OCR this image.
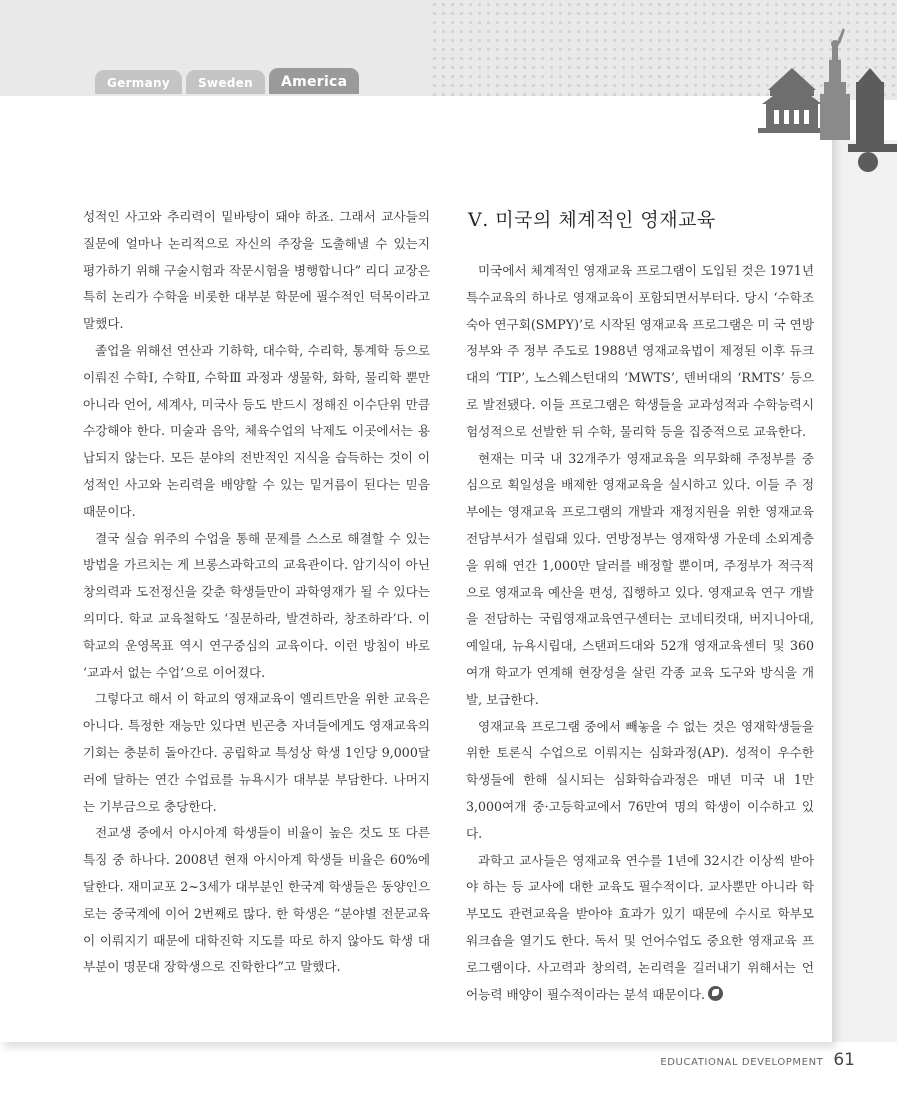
Germany	Sweden	America
Ⅴ. 미국의 체계적인 영재교육

성적인 사고와 추리력이 밑바탕이 돼야 하죠. 그래서 교사들의 질문에 얼마나 논리적으로 자신의 주장을 도출해낼 수 있는지 평가하기 위해 구술시험과 작문시험을 병행합니다” 리디 교장은 특히 논리가 수학을 비롯한 대부분 학문에 필수적인 덕목이라고 말했다.

졸업을 위해선 연산과 기하학, 대수학, 수리학, 통계학 등으로 이뤄진 수학Ⅰ, 수학Ⅱ, 수학Ⅲ 과정과 생물학, 화학, 물리학 뿐만 아니라 언어, 세계사, 미국사 등도 반드시 정해진 이수단위 만큼 수강해야 한다. 미술과 음악, 체육수업의 낙제도 이곳에서는 용납되지 않는다. 모든 분야의 전반적인 지식을 습득하는 것이 이성적인 사고와 논리력을 배양할 수 있는 밑거름이 된다는 믿음 때문이다.

결국 실습 위주의 수업을 통해 문제를 스스로 해결할 수 있는 방법을 가르치는 게 브롱스과학고의 교육관이다. 암기식이 아닌 창의력과 도전정신을 갖춘 학생들만이 과학영재가 될 수 있다는 의미다. 학교 교육철학도 ‘질문하라, 발견하라, 창조하라’다. 이 학교의 운영목표 역시 연구중심의 교육이다. 이런 방침이 바로 ‘교과서 없는 수업’으로 이어졌다.

그렇다고 해서 이 학교의 영재교육이 엘리트만을 위한 교육은 아니다. 특정한 재능만 있다면 빈곤층 자녀들에게도 영재교육의 기회는 충분히 돌아간다. 공립학교 특성상 학생 1인당 9,000달러에 달하는 연간 수업료를 뉴욕시가 대부분 부담한다. 나머지는 기부금으로 충당한다.

전교생 중에서 아시아계 학생들이 비율이 높은 것도 또 다른 특징 중 하나다. 2008년 현재 아시아계 학생들 비율은 60%에 달한다. 재미교포 2~3세가 대부분인 한국계 학생들은 동양인으로는 중국계에 이어 2번째로 많다. 한 학생은 “분야별 전문교육이 이뤄지기 때문에 대학진학 지도를 따로 하지 않아도 학생 대부분이 명문대 장학생으로 진학한다”고 말했다.

미국에서 체계적인 영재교육 프로그램이 도입된 것은 1971년 특수교육의 하나로 영재교육이 포함되면서부터다. 당시 ‘수학조숙아 연구회(SMPY)’로 시작된 영재교육 프로그램은 미 국 연방정부와 주 정부 주도로 1988년 영재교육법이 제정된 이후 듀크대의 ‘TIP’, 노스웨스턴대의 ‘MWTS’, 덴버대의 ‘RMTS’ 등으로 발전됐다. 이들 프로그램은 학생들을 교과성적과 수학능력시험성적으로 선발한 뒤 수학, 물리학 등을 집중적으로 교육한다.

현재는 미국 내 32개주가 영재교육을 의무화해 주정부를 중심으로 획일성을 배제한 영재교육을 실시하고 있다. 이들 주 정부에는 영재교육 프로그램의 개발과 재정지원을 위한 영재교육 전담부서가 설립돼 있다. 연방정부는 영재학생 가운데 소외계층을 위해 연간 1,000만 달러를 배정할 뿐이며, 주정부가 적극적으로 영재교육 예산을 편성, 집행하고 있다. 영재교육 연구 개발을 전담하는 국립영재교육연구센터는 코네티컷대, 버지니아대, 예일대, 뉴욕시립대, 스탠퍼드대와 52개 영재교육센터 및 360여개 학교가 연계해 현장성을 살린 각종 교육 도구와 방식을 개발, 보급한다.

영재교육 프로그램 중에서 빼놓을 수 없는 것은 영재학생들을 위한 토론식 수업으로 이뤄지는 심화과정(AP). 성적이 우수한 학생들에 한해 실시되는 심화학습과정은 매년 미국 내 1만3,000여개 중·고등학교에서 76만여 명의 학생이 이수하고 있다.

과학고 교사들은 영재교육 연수를 1년에 32시간 이상씩 받아야 하는 등 교사에 대한 교육도 필수적이다. 교사뿐만 아니라 학부모도 관련교육을 받아야 효과가 있기 때문에 수시로 학부모 워크숍을 열기도 한다. 독서 및 언어수업도 중요한 영재교육 프로그램이다. 사고력과 창의력, 논리력을 길러내기 위해서는 언어능력 배양이 필수적이라는 분석 때문이다.

EDUCATIONAL DEVELOPMENT 61
